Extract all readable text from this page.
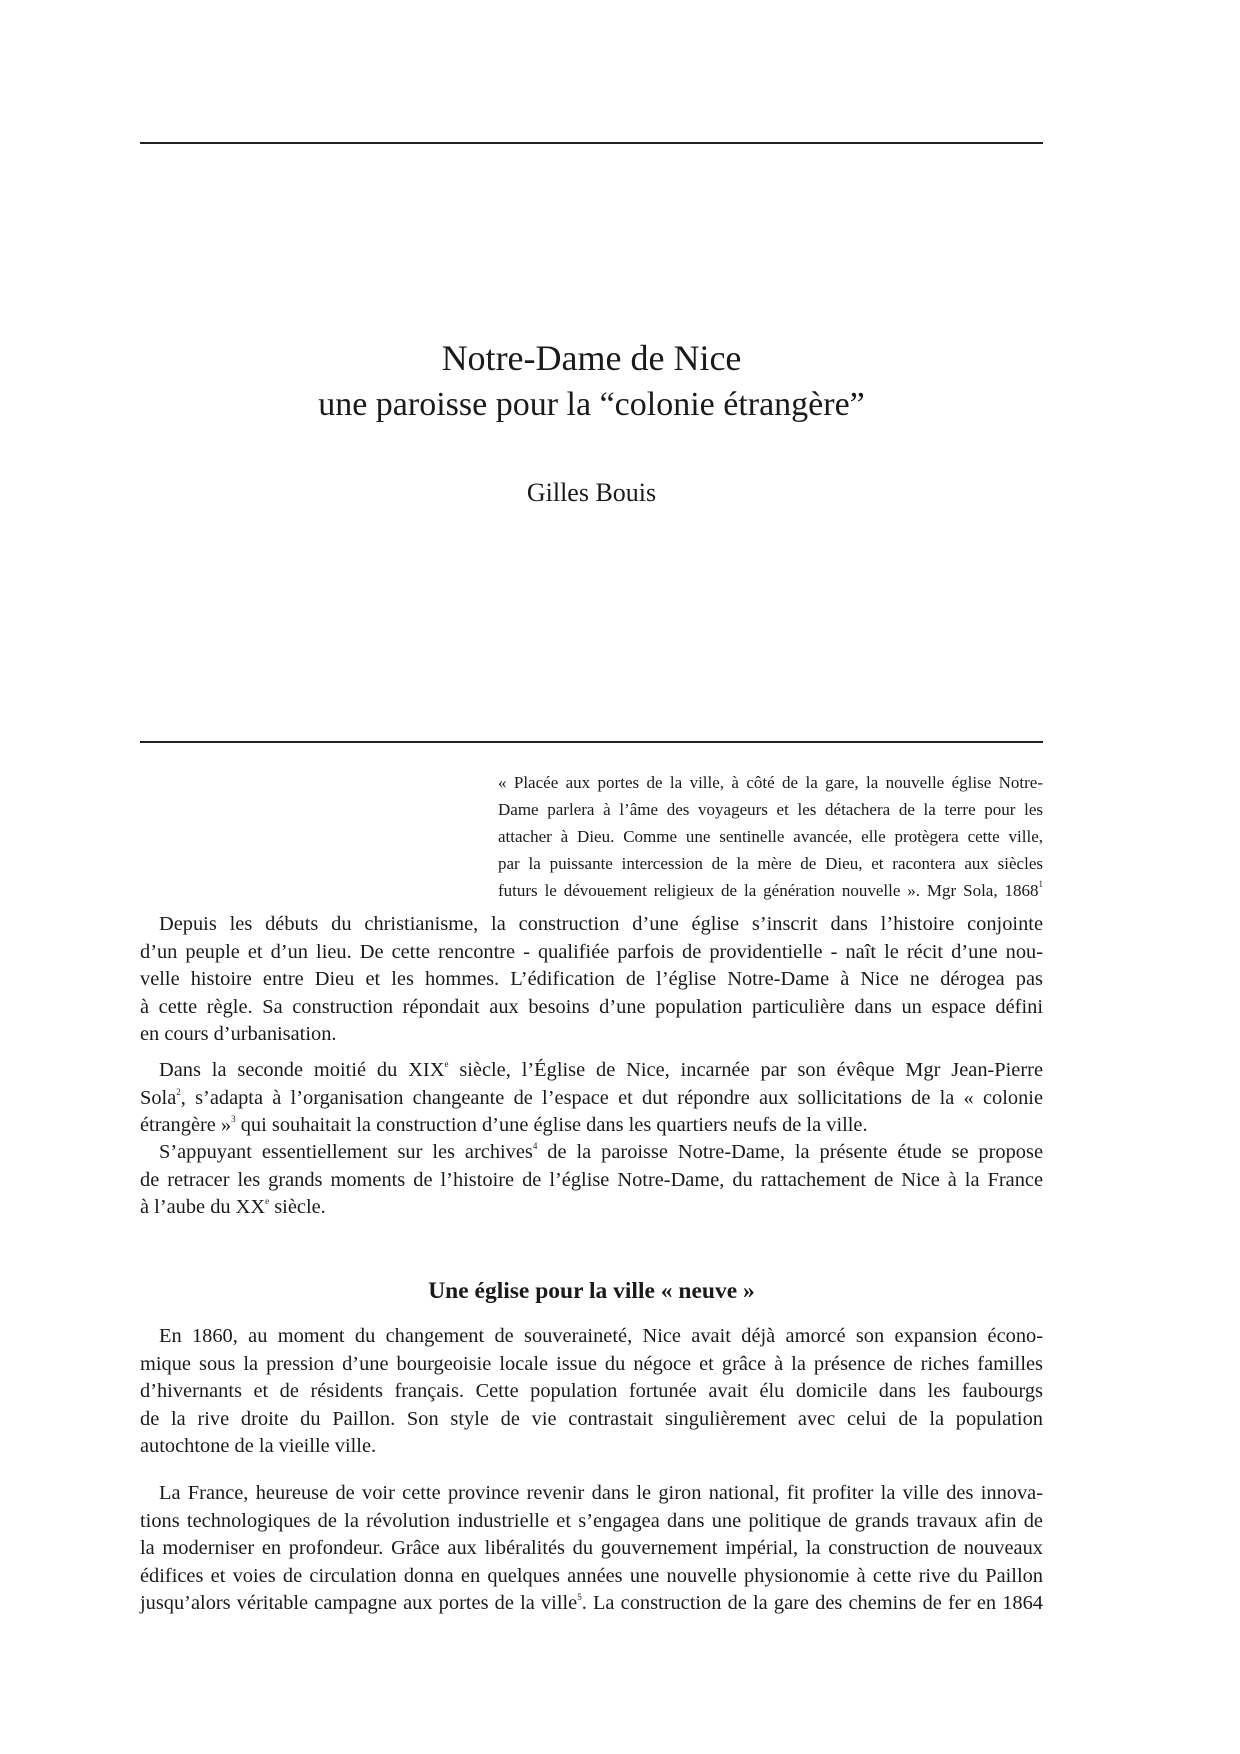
Notre-Dame de Nice
une paroisse pour la “colonie étrangère”
Gilles Bouis
« Placée aux portes de la ville, à côté de la gare, la nouvelle église Notre-
Dame parlera à l’âme des voyageurs et les détachera de la terre pour les
attacher à Dieu. Comme une sentinelle avancée, elle protègera cette ville,
par la puissante intercession de la mère de Dieu, et racontera aux siècles
futurs le dévouement religieux de la génération nouvelle ». Mgr Sola, 1868$^1$
Depuis les débuts du christianisme, la construction d’une église s’inscrit dans l’histoire conjointe
d’un peuple et d’un lieu. De cette rencontre - qualifiée parfois de providentielle - naît le récit d’une nou-
velle histoire entre Dieu et les hommes. L’édification de l’église Notre-Dame à Nice ne dérogea pas
à cette règle. Sa construction répondait aux besoins d’une population particulière dans un espace défini
en cours d’urbanisation.
Dans la seconde moitié du XIXe siècle, l’Église de Nice, incarnée par son évêque Mgr Jean-Pierre
Sola$^2$, s’adapta à l’organisation changeante de l’espace et dut répondre aux sollicitations de la « colonie
étrangère »$^3$ qui souhaitait la construction d’une église dans les quartiers neufs de la ville.
S’appuyant essentiellement sur les archives$^4$ de la paroisse Notre-Dame, la présente étude se propose
de retracer les grands moments de l’histoire de l’église Notre-Dame, du rattachement de Nice à la France
à l’aube du XXe siècle.
Une église pour la ville « neuve »
En 1860, au moment du changement de souveraineté, Nice avait déjà amorcé son expansion écono-
mique sous la pression d’une bourgeoisie locale issue du négoce et grâce à la présence de riches familles
d’hivernants et de résidents français. Cette population fortunée avait élu domicile dans les faubourgs
de la rive droite du Paillon. Son style de vie contrastait singulièrement avec celui de la population
autochtone de la vieille ville.
La France, heureuse de voir cette province revenir dans le giron national, fit profiter la ville des innova-
tions technologiques de la révolution industrielle et s’engagea dans une politique de grands travaux afin de
la moderniser en profondeur. Grâce aux libéralités du gouvernement impérial, la construction de nouveaux
édifices et voies de circulation donna en quelques années une nouvelle physionomie à cette rive du Paillon
jusqu’alors véritable campagne aux portes de la ville$^5$. La construction de la gare des chemins de fer en 1864
